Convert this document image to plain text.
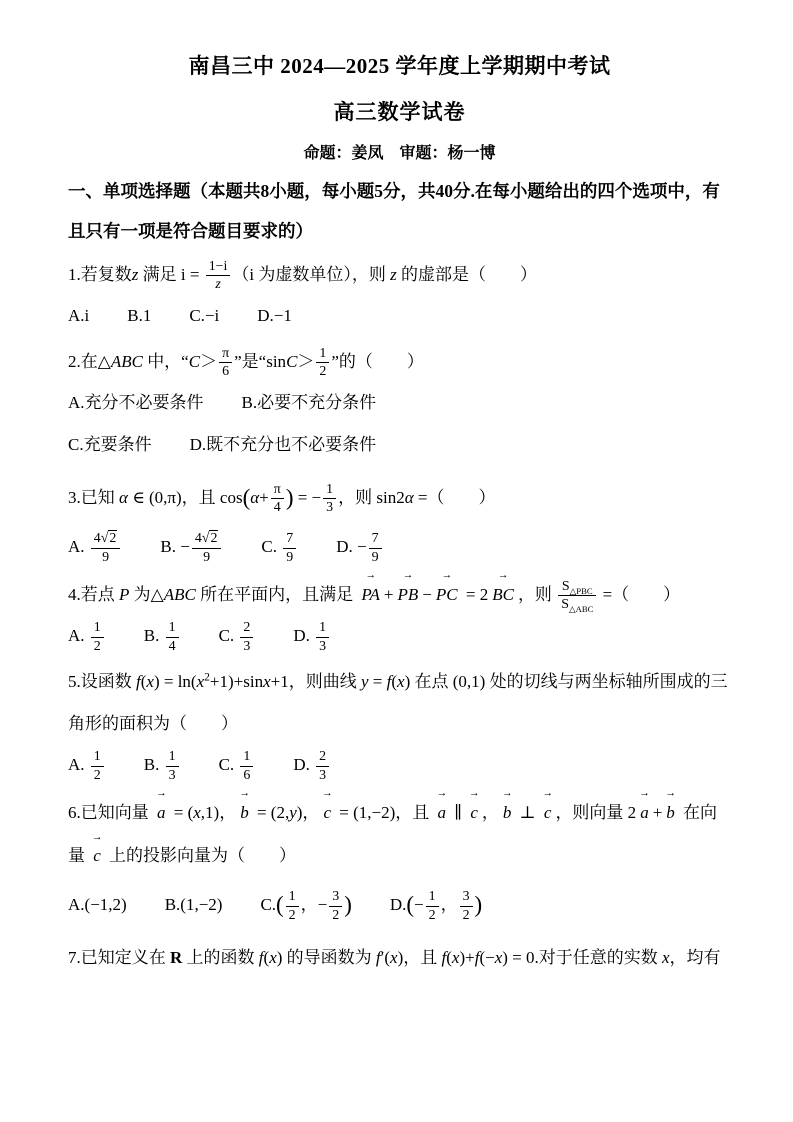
南昌三中 2024—2025 学年度上学期期中考试
高三数学试卷
命题：姜凤　审题：杨一博
一、单项选择题（本题共8小题，每小题5分，共40分.在每小题给出的四个选项中，有且只有一项是符合题目要求的）
1.若复数z 满足 $i = \frac{1-i}{z} (i$ 为虚数单位），则 z 的虚部是（　　）
A.i B.1 C.−i D.−1
2.在△ABC 中，“$C> \frac{\pi}{6}$ ”是“$\sin C> \frac{1}{2}$ ”的（　　）
A.充分不必要条件 B.必要不充分条件
C.充要条件 D.既不充分也不必要条件
3.已知 α ∈ (0,π)，且 $\cos(\alpha+ \frac{\pi}{4}$ ) = − $\frac{1}{3}$ ，则 sin2α =（　　）
A. $\frac{4√2}{9} B$. − $\frac{4√2}{9} C$. $\frac{7}{9} D$. − $\frac{7}{9}$
4.若点 P 为△ABC 所在平面内，且满足 → PA + → PB − → PC = 2 → BC ，则 $\frac{S_{\triangle PBC}}{S_{\triangle ABC}}$ =（　　）
A. $\frac{1}{2} B$. $\frac{1}{4} C$. $\frac{2}{3} D$. $\frac{1}{3}$
5.设函数 $f(x) = \ln(x^2+1)+\sin x+1$，则曲线 y = f(x) 在点 (0,1) 处的切线与两坐标轴所围成的三角形的面积为（　　）
A. $\frac{1}{2} B$. $\frac{1}{3} C$. $\frac{1}{6} D$. $\frac{2}{3}$
6.已知向量 → a = (x,1)， → b = (2,y)， → c = (1,−2)，且 → a ∥ → c ， → b ⊥ → c ，则向量 2 → a + → b 在向量 → c 上的投影向量为（　　）
A.(−1,2) B.(1,−2) $C.( \frac{1}{2}$ ，− $\frac{3}{2}$ ) $D.(- \frac{1}{2}$ ， $\frac{3}{2}$ )
7.已知定义在 R 上的函数 f(x) 的导函数为 f′(x)，且 f(x)+f(−x) = 0.对于任意的实数 x，均有
